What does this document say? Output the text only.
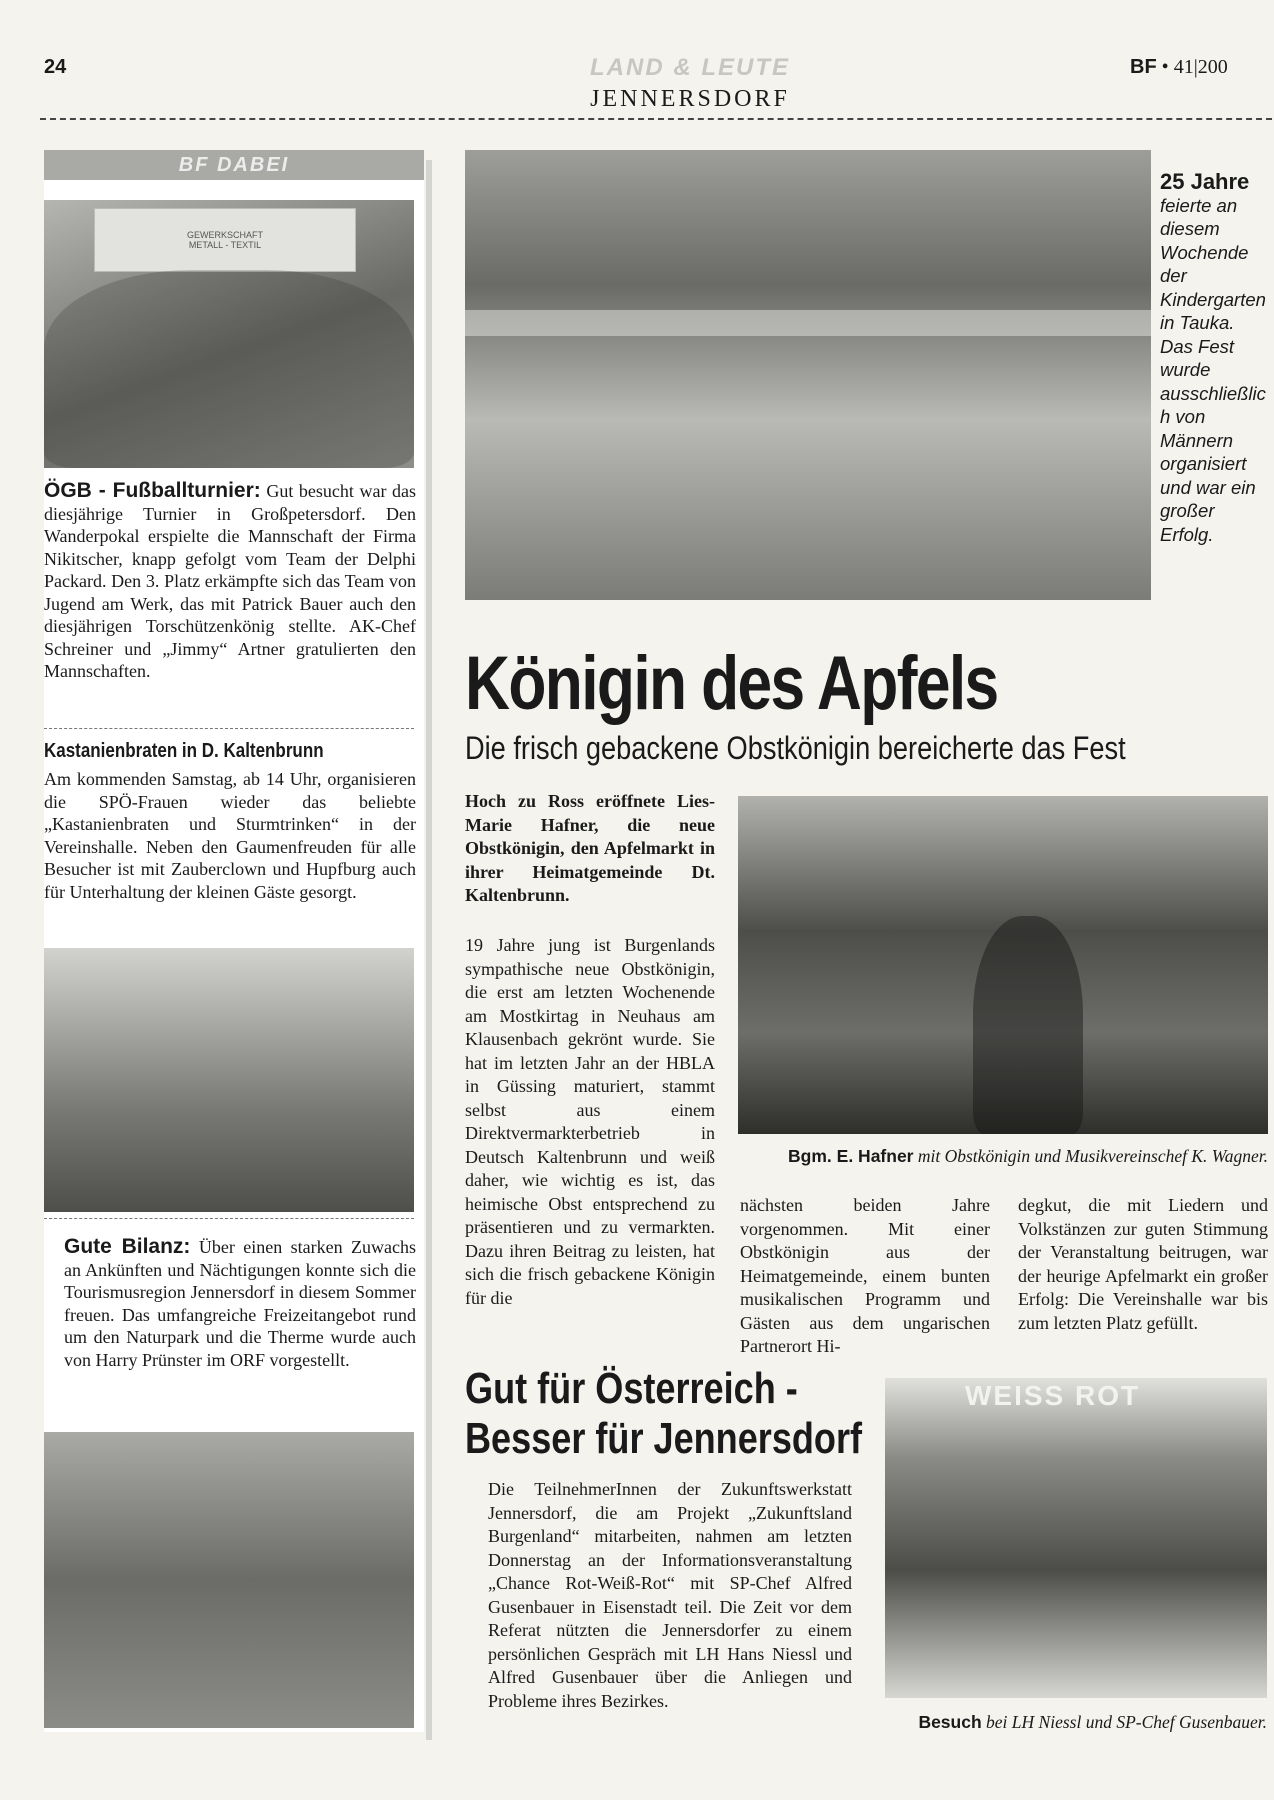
24	LAND & LEUTE
JENNERSDORF
BF • 41|200
BF DABEI
GEWERKSCHAFT METALL - TEXTIL
ÖGB - Fußballturnier: Gut besucht war das diesjährige Turnier in Großpetersdorf. Den Wanderpokal erspielte die Mannschaft der Firma Nikitscher, knapp gefolgt vom Team der Delphi Packard. Den 3. Platz erkämpfte sich das Team von Jugend am Werk, das mit Patrick Bauer auch den diesjährigen Torschützenkönig stellte. AK-Chef Schreiner und „Jimmy“ Artner gratulierten den Mannschaften.
Kastanienbraten in D. Kaltenbrunn
Am kommenden Samstag, ab 14 Uhr, organisieren die SPÖ-Frauen wieder das beliebte „Kastanienbraten und Sturmtrinken“ in der Vereinshalle. Neben den Gaumenfreuden für alle Besucher ist mit Zauberclown und Hupfburg auch für Unterhaltung der kleinen Gäste gesorgt.
Gute Bilanz: Über einen starken Zuwachs an Ankünften und Nächtigungen konnte sich die Tourismusregion Jennersdorf in diesem Sommer freuen. Das umfangreiche Freizeitangebot rund um den Naturpark und die Therme wurde auch von Harry Prünster im ORF vorgestellt.
25 Jahre
feierte an diesem Wochende der Kindergarten in Tauka. Das Fest wurde ausschließlich von Männern organisiert und war ein großer Erfolg.
Königin des Apfels
Die frisch gebackene Obstkönigin bereicherte das Fest
Hoch zu Ross eröffnete Lies-Marie Hafner, die neue Obstkönigin, den Apfelmarkt in ihrer Heimatgemeinde Dt. Kaltenbrunn.
19 Jahre jung ist Burgenlands sympathische neue Obstkönigin, die erst am letzten Wochenende am Mostkirtag in Neuhaus am Klausenbach gekrönt wurde. Sie hat im letzten Jahr an der HBLA in Güssing maturiert, stammt selbst aus einem Direktvermarkterbetrieb in Deutsch Kaltenbrunn und weiß daher, wie wichtig es ist, das heimische Obst entsprechend zu präsentieren und zu vermarkten. Dazu ihren Beitrag zu leisten, hat sich die frisch gebackene Königin für die
Bgm. E. Hafner mit Obstkönigin und Musikvereinschef K. Wagner.
nächsten beiden Jahre vorgenommen. Mit einer Obstkönigin aus der Heimatgemeinde, einem bunten musikalischen Programm und Gästen aus dem ungarischen Partnerort Hi-
degkut, die mit Liedern und Volkstänzen zur guten Stimmung der Veranstaltung beitrugen, war der heurige Apfelmarkt ein großer Erfolg: Die Vereinshalle war bis zum letzten Platz gefüllt.
Gut für Österreich -
Besser für Jennersdorf
Die TeilnehmerInnen der Zukunftswerkstatt Jennersdorf, die am Projekt „Zukunftsland Burgenland“ mitarbeiten, nahmen am letzten Donnerstag an der Informationsveranstaltung „Chance Rot-Weiß-Rot“ mit SP-Chef Alfred Gusenbauer in Eisenstadt teil. Die Zeit vor dem Referat nützten die Jennersdorfer zu einem persönlichen Gespräch mit LH Hans Niessl und Alfred Gusenbauer über die Anliegen und Probleme ihres Bezirkes.
WEISS ROT
Besuch bei LH Niessl und SP-Chef Gusenbauer.
